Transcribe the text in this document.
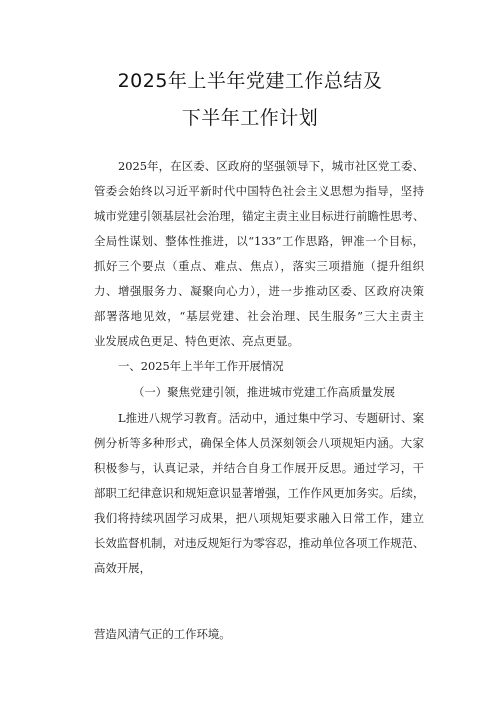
2025年上半年党建工作总结及
下半年工作计划
2025年，在区委、区政府的坚强领导下，城市社区党工委、
管委会始终以习近平新时代中国特色社会主义思想为指导，坚持
城市党建引领基层社会治理，锚定主责主业目标进行前瞻性思考、
全局性谋划、整体性推进，以“133”工作思路，钾准一个目标，
抓好三个要点（重点、难点、焦点），落实三项措施（提升组织
力、增强服务力、凝聚向心力），进一步推动区委、区政府决策
部署落地见效，“基层党建、社会治理、民生服务”三大主责主
业发展成色更足、特色更浓、亮点更显。
一、2025年上半年工作开展情况
（一）聚焦党建引领，推进城市党建工作高质量发展
L推进八规学习教育。活动中，通过集中学习、专题研讨、案
例分析等多种形式，确保全体人员深刻领会八项规矩内涵。大家
积极参与，认真记录，并结合自身工作展开反思。通过学习，干
部职工纪律意识和规矩意识显著增强，工作作风更加务实。后续，
我们将持续巩固学习成果，把八项规矩要求融入日常工作，建立
长效监督机制，对违反规矩行为零容忍，推动单位各项工作规范、
高效开展，
营造风清气正的工作环境。
